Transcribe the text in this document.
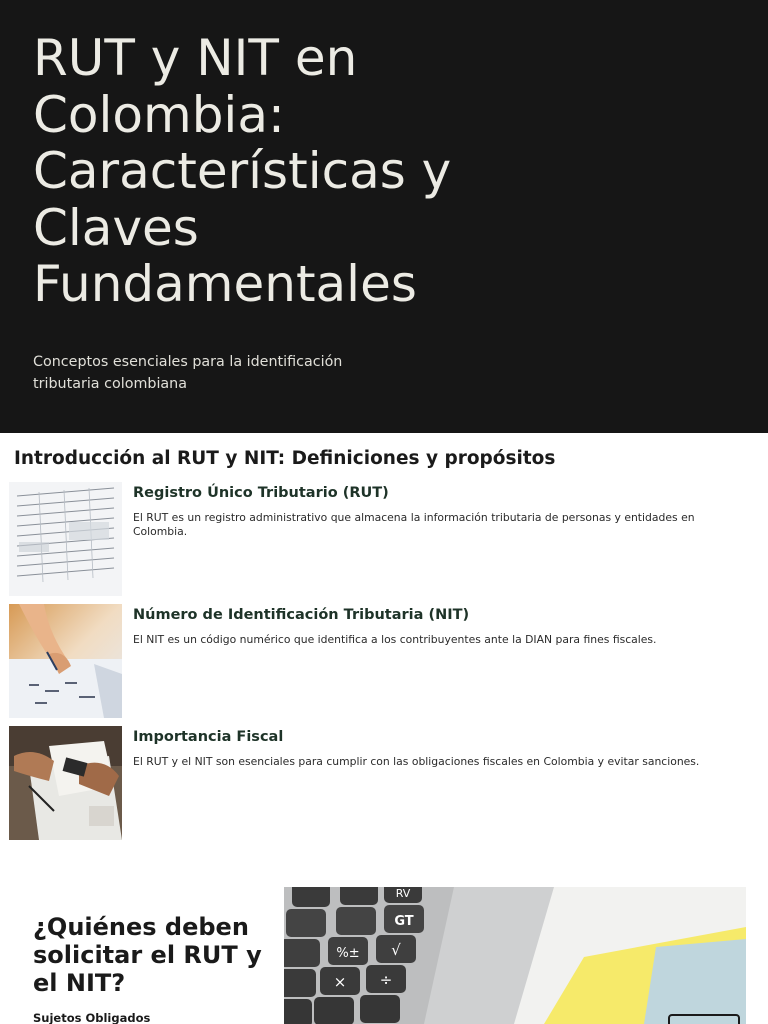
RUT y NIT en Colombia: Características y Claves Fundamentales

Conceptos esenciales para la identificación tributaria colombiana

Introducción al RUT y NIT: Definiciones y propósitos
Registro Único Tributario (RUT)

El RUT es un registro administrativo que almacena la información tributaria de personas y entidades en Colombia.

Número de Identificación Tributaria (NIT)

El NIT es un código numérico que identifica a los contribuyentes ante la DIAN para fines fiscales.

Importancia Fiscal

El RUT y el NIT son esenciales para cumplir con las obligaciones fiscales en Colombia y evitar sanciones.

¿Quiénes deben solicitar el RUT y el NIT?
Sujetos Obligados
RV
GT
%± √
× ÷
